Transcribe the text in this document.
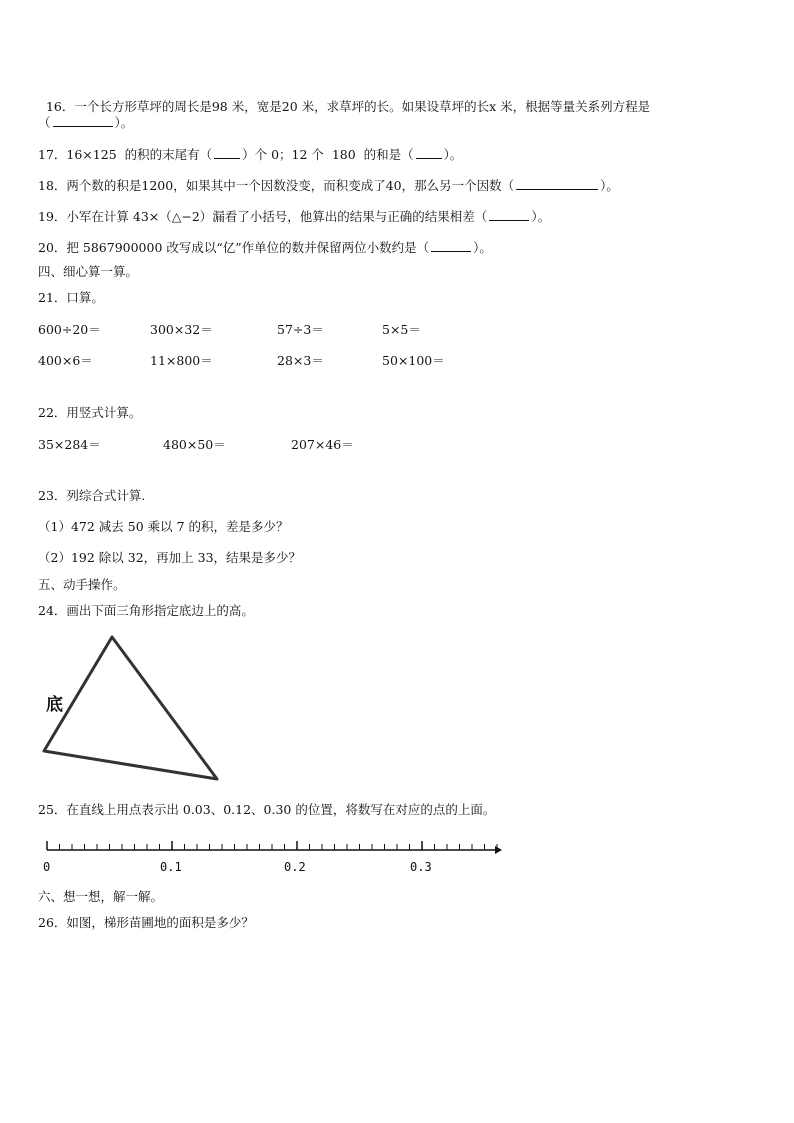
16．一个长方形草坪的周长是98 米，宽是20 米，求草坪的长。如果设草坪的长x 米，根据等量关系列方程是

（	）。
17．16×125  的积的末尾有（ ）个 0；12 个  180  的和是（ ）。
18．两个数的积是1200，如果其中一个因数没变，而积变成了40，那么另一个因数（	）。
19．小军在计算 43×（△−2）漏看了小括号，他算出的结果与正确的结果相差（	）。
20．把 5867900000 改写成以“亿”作单位的数并保留两位小数约是（	）。
四、细心算一算。
21．口算。
600÷20＝	300×32＝	57÷3＝	5×5＝
400×6＝	11×800＝	28×3＝	50×100＝
22．用竖式计算。
35×284＝	480×50＝	207×46＝
23．列综合式计算.
（1）472 减去 50 乘以 7 的积，差是多少？
（2）192 除以 32，再加上 33，结果是多少？
五、动手操作。
24．画出下面三角形指定底边上的高。
底
25．在直线上用点表示出 0.03、0.12、0.30 的位置，将数写在对应的点的上面。
0	0.1	0.2	0.3
六、想一想，解一解。
26．如图，梯形苗圃地的面积是多少？
